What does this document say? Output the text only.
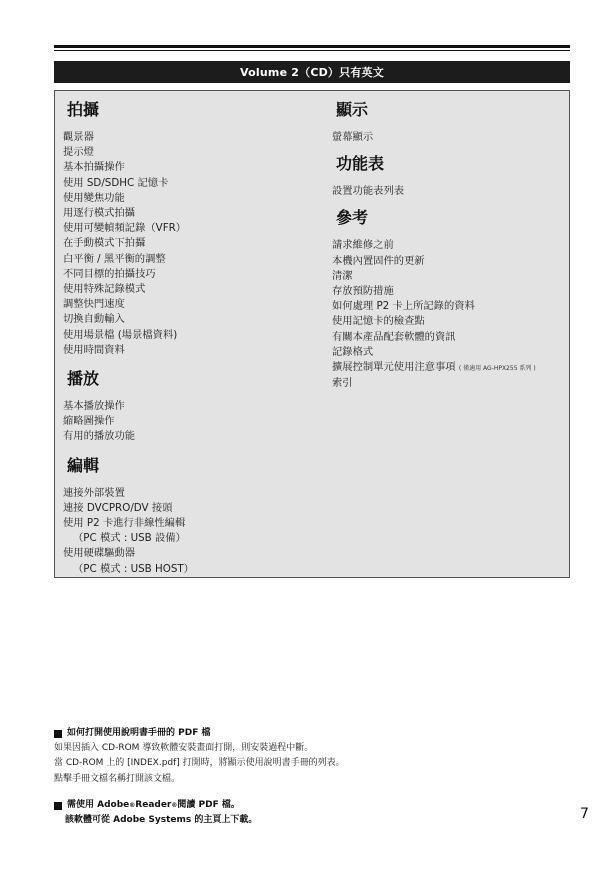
Volume 2（CD）只有英文
拍攝
觀景器
提示燈
基本拍攝操作
使用 SD/SDHC 記憶卡
使用變焦功能
用逐行模式拍攝
使用可變幀頻記錄（VFR）
在手動模式下拍攝
白平衡 / 黑平衡的調整
不同目標的拍攝技巧
使用特殊記錄模式
調整快門速度
切換自動輸入
使用場景檔 (場景檔資料)
使用時間資料
播放
基本播放操作
縮略圖操作
有用的播放功能
編輯
連接外部裝置
連接 DVCPRO/DV 接頭
使用 P2 卡進行非線性編輯
（PC 模式 : USB 設備）
使用硬碟驅動器
（PC 模式 : USB HOST）
顯示
螢幕顯示
功能表
設置功能表列表
參考
請求維修之前
本機內置固件的更新
清潔
存放預防措施
如何處理 P2 卡上所記錄的資料
使用記憶卡的檢查點
有關本產品配套軟體的資訊
記錄格式
擴展控制單元使用注意事項 ( 僅適用 AG-HPX255 系列 )
索引
如何打開使用說明書手冊的 PDF 檔
如果因插入 CD-ROM 導致軟體安裝畫面打開，則安裝過程中斷。
當 CD-ROM 上的 [INDEX.pdf] 打開時，將顯示使用說明書手冊的列表。
點擊手冊文檔名稱打開該文檔。
需使用 Adobe ® Reader ® 閱讀 PDF 檔。
該軟體可從 Adobe Systems 的主頁上下載。	7
